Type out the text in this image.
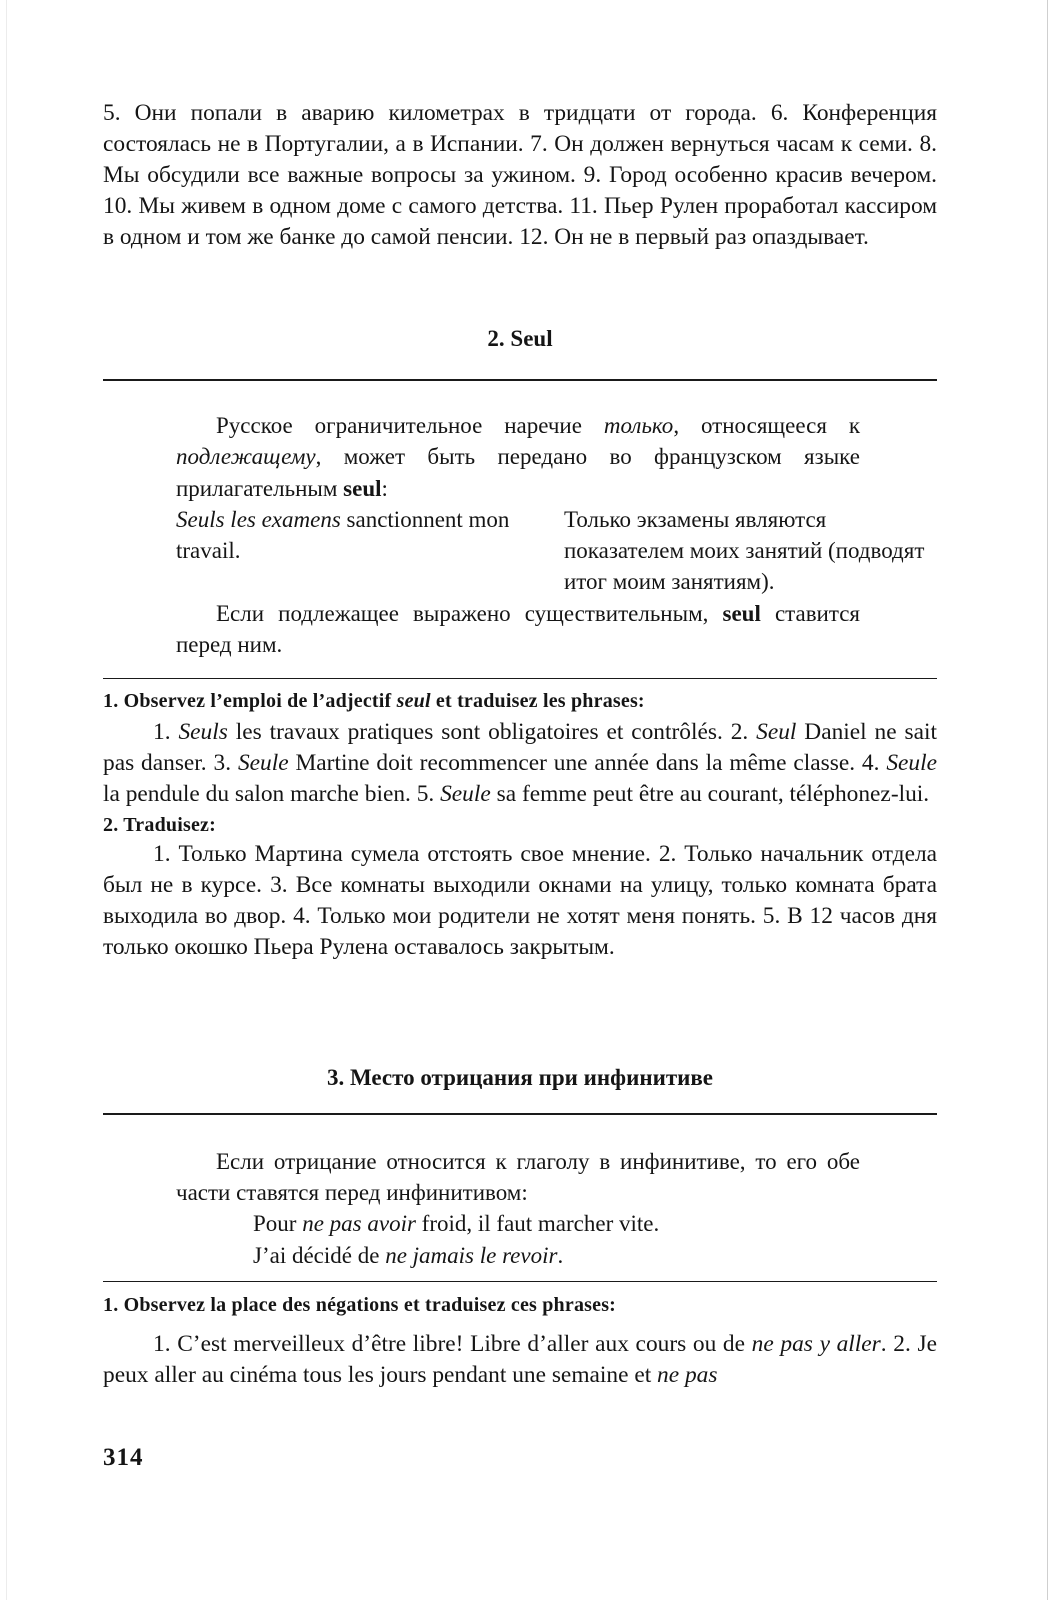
5. Они попали в аварию километрах в тридцати от города. 6. Конференция состоялась не в Португалии, а в Испании. 7. Он должен вернуться часам к семи. 8. Мы обсудили все важные вопросы за ужином. 9. Город особенно красив вечером. 10. Мы живем в одном доме с самого детства. 11. Пьер Рулен проработал кассиром в одном и том же банке до самой пенсии. 12. Он не в первый раз опаздывает.

2. Seul

Русское ограничительное наречие только, относящееся к подлежащему, может быть передано во французском языке прилагательным seul:

Seuls les examens sanctionnent mon travail.
Только экзамены являются показателем моих занятий (подводят итог моим занятиям).

Если подлежащее выражено существительным, seul ставится перед ним.

1. Observez l’emploi de l’adjectif seul et traduisez les phrases:

1. Seuls les travaux pratiques sont obligatoires et contrôlés. 2. Seul Daniel ne sait pas danser. 3. Seule Martine doit recommencer une année dans la même classe. 4. Seule la pendule du salon marche bien. 5. Seule sa femme peut être au courant, téléphonez-lui.

2. Traduisez:

1. Только Мартина сумела отстоять свое мнение. 2. Только начальник отдела был не в курсе. 3. Все комнаты выходили окнами на улицу, только комната брата выходила во двор. 4. Только мои родители не хотят меня понять. 5. В 12 часов дня только окошко Пьера Рулена оставалось закрытым.

3. Место отрицания при инфинитиве

Если отрицание относится к глаголу в инфинитиве, то его обе части ставятся перед инфинитивом:

Pour ne pas avoir froid, il faut marcher vite.
J’ai décidé de ne jamais le revoir.

1. Observez la place des négations et traduisez ces phrases:

1. C’est merveilleux d’être libre! Libre d’aller aux cours ou de ne pas y aller. 2. Je peux aller au cinéma tous les jours pendant une semaine et ne pas

314
